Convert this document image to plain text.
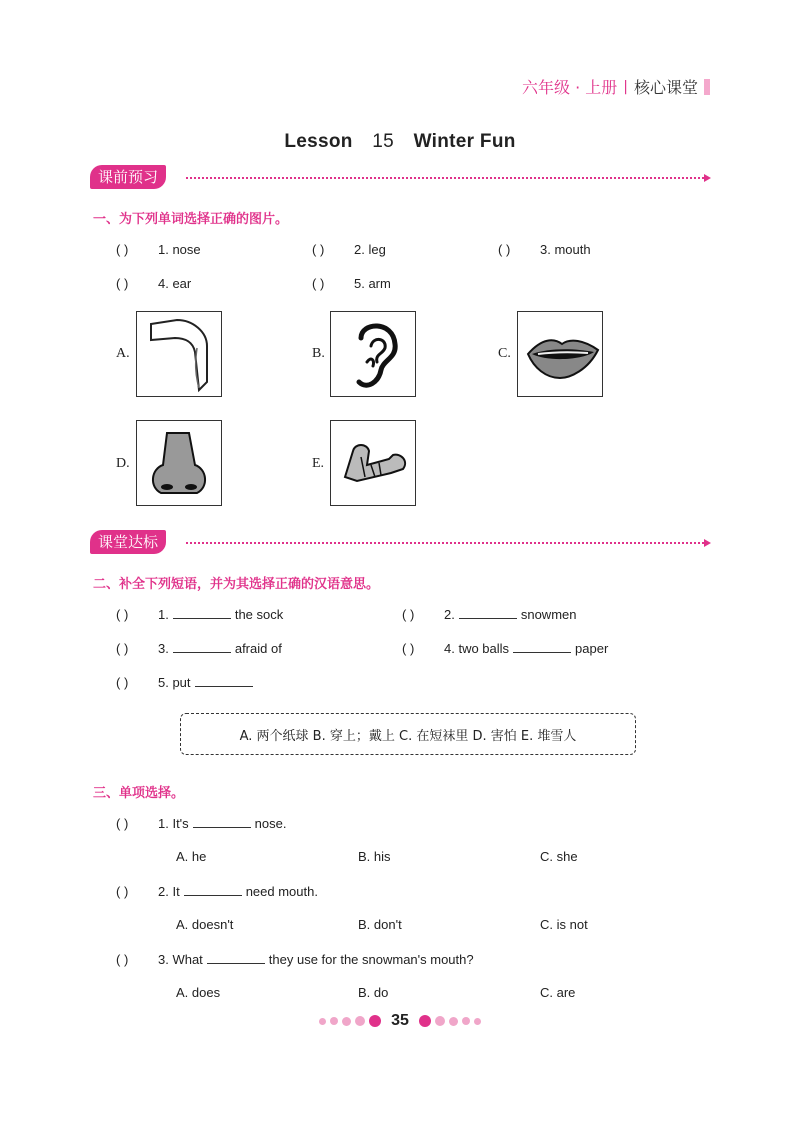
六年级 · 上册 | 核心课堂
Lesson 15 Winter Fun
课前预习
一、为下列单词选择正确的图片。
( ) 1. nose	( ) 2. leg	( ) 3. mouth
( ) 4. ear	( ) 5. arm
A.	B.	C.
D.	E.
课堂达标
二、补全下列短语，并为其选择正确的汉语意思。
( ) 1.	the sock	( ) 2.	snowmen
( ) 3.	afraid of	( ) 4. two balls	paper
( ) 5. put
A. 两个纸球 B. 穿上；戴上 C. 在短袜里 D. 害怕 E. 堆雪人
三、单项选择。
( ) 1. It's	nose.
A. he	B. his	C. she
( ) 2. It	need mouth.
A. doesn't	B. don't	C. is not
( ) 3. What	they use for the snowman's mouth?
A. does	B. do	C. are
35
